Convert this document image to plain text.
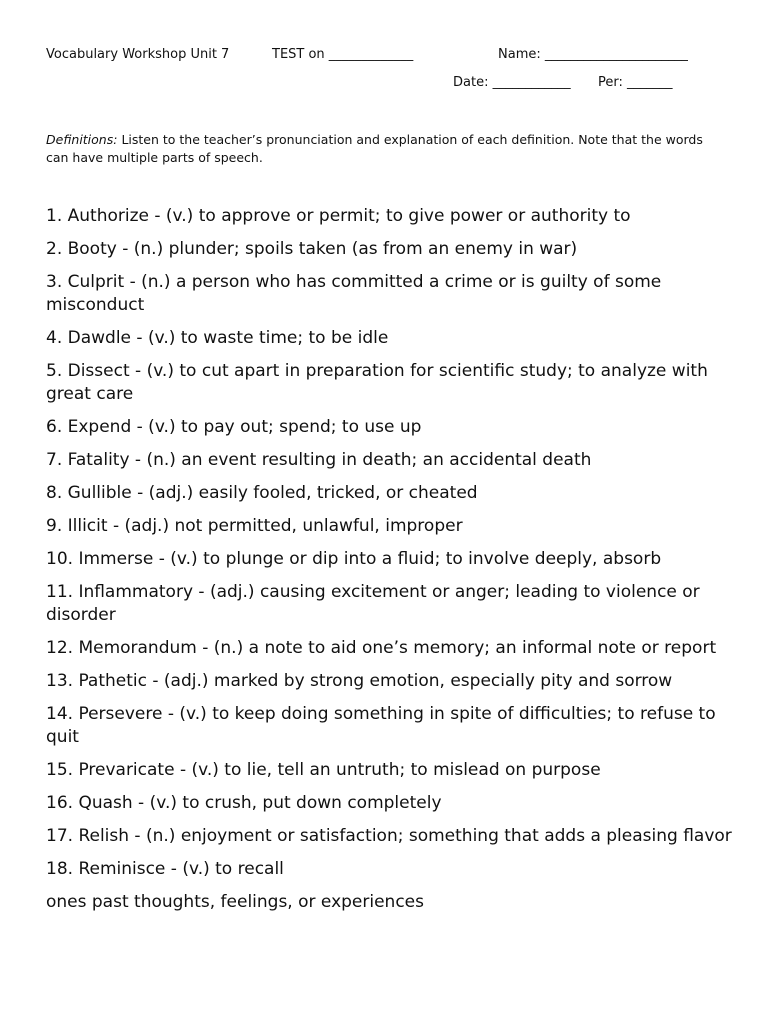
Vocabulary Workshop Unit 7	TEST on _____________	Name: ______________________
Date: ____________ Per: _______
Definitions: Listen to the teacher’s pronunciation and explanation of each definition. Note that the words can have multiple parts of speech.
1. Authorize - (v.) to approve or permit; to give power or authority to
2. Booty - (n.) plunder; spoils taken (as from an enemy in war)
3. Culprit - (n.) a person who has committed a crime or is guilty of some misconduct
4. Dawdle - (v.) to waste time; to be idle
5. Dissect - (v.) to cut apart in preparation for scientific study; to analyze with great care
6. Expend - (v.) to pay out; spend; to use up
7. Fatality - (n.) an event resulting in death; an accidental death
8. Gullible - (adj.) easily fooled, tricked, or cheated
9. Illicit - (adj.) not permitted, unlawful, improper
10. Immerse - (v.) to plunge or dip into a fluid; to involve deeply, absorb
11. Inflammatory - (adj.) causing excitement or anger; leading to violence or disorder
12. Memorandum - (n.) a note to aid one’s memory; an informal note or report
13. Pathetic - (adj.) marked by strong emotion, especially pity and sorrow
14. Persevere - (v.) to keep doing something in spite of difficulties; to refuse to quit
15. Prevaricate - (v.) to lie, tell an untruth; to mislead on purpose
16. Quash - (v.) to crush, put down completely
17. Relish - (n.) enjoyment or satisfaction; something that adds a pleasing flavor
18. Reminisce - (v.) to recall
ones past thoughts, feelings, or experiences
